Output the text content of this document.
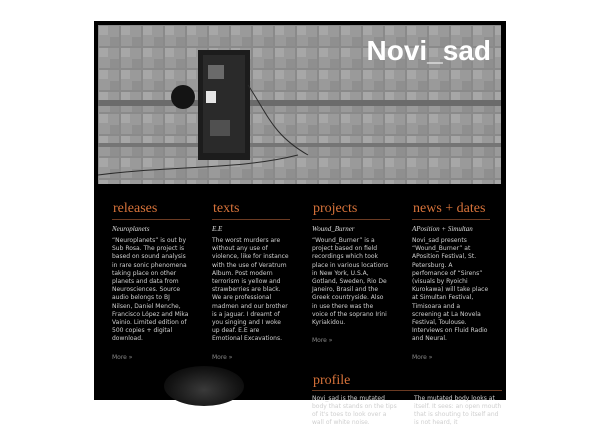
Novi_sad
releases
Neuroplanets
“Neuroplanets” is out by Sub Rosa. The project is based on sound analysis in rare sonic phenomena taking place on other planets and data from Neurosciences. Source audio belongs to BJ Nilsen, Daniel Menche, Francisco López and Mika Vainio. Limited edition of 500 copies + digital download.
More »
texts
E.E
The worst murders are without any use of violence, like for instance with the use of Veratrum Album. Post modern terrorism is yellow and strawberries are black. We are professional madmen and our brother is a jaguar. I dreamt of you singing and I woke up deaf. E.E are Emotional Excavations.
More »
projects
Wound_Burner
“Wound_Burner” is a project based on field recordings which took place in various locations in New York, U.S.A, Gotland, Sweden, Rio De Janeiro, Brasil and the Greek countryside. Also in use there was the voice of the soprano Irini Kyriakidou.
More »
news + dates
APosition + Simultan
Novi_sad presents “Wound_Burner” at APosition Festival, St. Petersburg. A perfomance of “Sirens” (visuals by Ryoichi Kurokawa) will take place at Simultan Festival, Timisoara and a screening at La Novela Festival, Toulouse. Interviews on Fluid Radio and Neural.
More »
profile
Novi_sad is the mutated body that stands on the tips of it's toes to look over a wall of white noise.
The mutated body looks at itself. It sees: an open mouth that is shouting to itself and is not heard, it
